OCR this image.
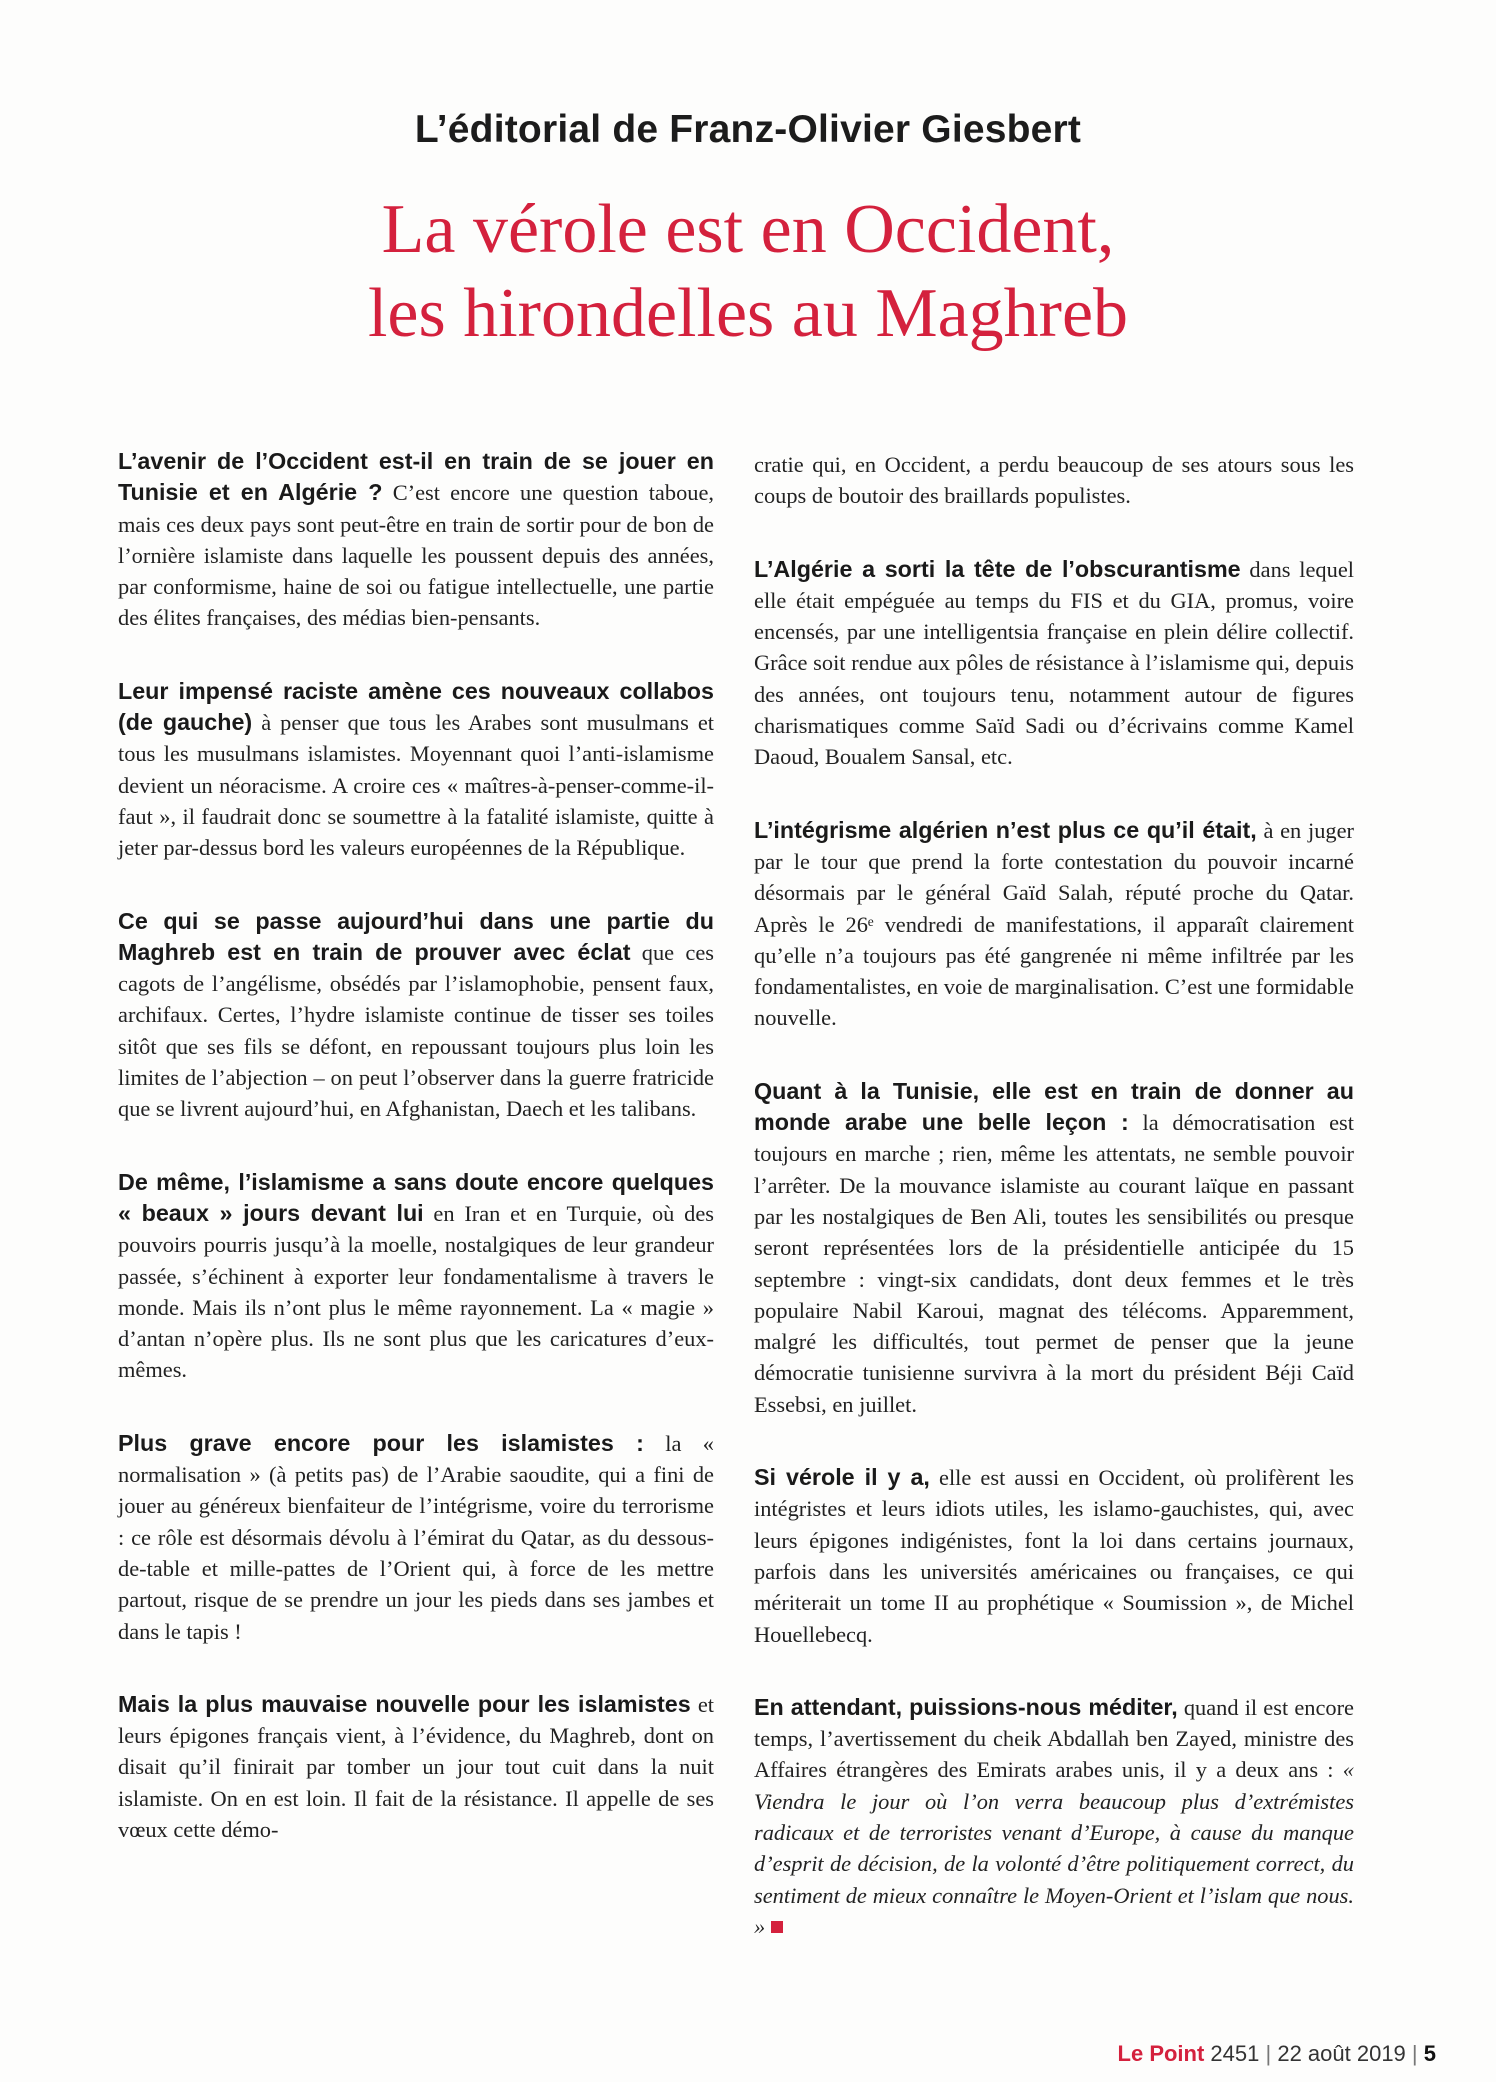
L’éditorial de Franz-Olivier Giesbert
La vérole est en Occident,
les hirondelles au Maghreb

L’avenir de l’Occident est-il en train de se jouer en Tunisie et en Algérie ? C’est encore une question taboue, mais ces deux pays sont peut-être en train de sortir pour de bon de l’ornière islamiste dans laquelle les poussent depuis des années, par conformisme, haine de soi ou fatigue intellectuelle, une partie des élites françaises, des médias bien-pensants.

Leur impensé raciste amène ces nouveaux collabos (de gauche) à penser que tous les Arabes sont musulmans et tous les musulmans islamistes. Moyennant quoi l’anti-islamisme devient un néoracisme. A croire ces « maîtres-à-penser-comme-il-faut », il faudrait donc se soumettre à la fatalité islamiste, quitte à jeter par-dessus bord les valeurs européennes de la République.

Ce qui se passe aujourd’hui dans une partie du Maghreb est en train de prouver avec éclat que ces cagots de l’angélisme, obsédés par l’islamophobie, pensent faux, archifaux. Certes, l’hydre islamiste continue de tisser ses toiles sitôt que ses fils se défont, en repoussant toujours plus loin les limites de l’abjection – on peut l’observer dans la guerre fratricide que se livrent aujourd’hui, en Afghanistan, Daech et les talibans.

De même, l’islamisme a sans doute encore quelques « beaux » jours devant lui en Iran et en Turquie, où des pouvoirs pourris jusqu’à la moelle, nostalgiques de leur grandeur passée, s’échinent à exporter leur fondamentalisme à travers le monde. Mais ils n’ont plus le même rayonnement. La « magie » d’antan n’opère plus. Ils ne sont plus que les caricatures d’eux-mêmes.

Plus grave encore pour les islamistes : la « normalisation » (à petits pas) de l’Arabie saoudite, qui a fini de jouer au généreux bienfaiteur de l’intégrisme, voire du terrorisme : ce rôle est désormais dévolu à l’émirat du Qatar, as du dessous-de-table et mille-pattes de l’Orient qui, à force de les mettre partout, risque de se prendre un jour les pieds dans ses jambes et dans le tapis !

Mais la plus mauvaise nouvelle pour les islamistes et leurs épigones français vient, à l’évidence, du Maghreb, dont on disait qu’il finirait par tomber un jour tout cuit dans la nuit islamiste. On en est loin. Il fait de la résistance. Il appelle de ses vœux cette démo-

cratie qui, en Occident, a perdu beaucoup de ses atours sous les coups de boutoir des braillards populistes.

L’Algérie a sorti la tête de l’obscurantisme dans lequel elle était empéguée au temps du FIS et du GIA, promus, voire encensés, par une intelligentsia française en plein délire collectif. Grâce soit rendue aux pôles de résistance à l’islamisme qui, depuis des années, ont toujours tenu, notamment autour de figures charismatiques comme Saïd Sadi ou d’écrivains comme Kamel Daoud, Boualem Sansal, etc.

L’intégrisme algérien n’est plus ce qu’il était, à en juger par le tour que prend la forte contestation du pouvoir incarné désormais par le général Gaïd Salah, réputé proche du Qatar. Après le 26ᵉ vendredi de manifestations, il apparaît clairement qu’elle n’a toujours pas été gangrenée ni même infiltrée par les fondamentalistes, en voie de marginalisation. C’est une formidable nouvelle.

Quant à la Tunisie, elle est en train de donner au monde arabe une belle leçon : la démocratisation est toujours en marche ; rien, même les attentats, ne semble pouvoir l’arrêter. De la mouvance islamiste au courant laïque en passant par les nostalgiques de Ben Ali, toutes les sensibilités ou presque seront représentées lors de la présidentielle anticipée du 15 septembre : vingt-six candidats, dont deux femmes et le très populaire Nabil Karoui, magnat des télécoms. Apparemment, malgré les difficultés, tout permet de penser que la jeune démocratie tunisienne survivra à la mort du président Béji Caïd Essebsi, en juillet.

Si vérole il y a, elle est aussi en Occident, où prolifèrent les intégristes et leurs idiots utiles, les islamo-gauchistes, qui, avec leurs épigones indigénistes, font la loi dans certains journaux, parfois dans les universités américaines ou françaises, ce qui mériterait un tome II au prophétique « Soumission », de Michel Houellebecq.

En attendant, puissions-nous méditer, quand il est encore temps, l’avertissement du cheik Abdallah ben Zayed, ministre des Affaires étrangères des Emirats arabes unis, il y a deux ans : « Viendra le jour où l’on verra beaucoup plus d’extrémistes radicaux et de terroristes venant d’Europe, à cause du manque d’esprit de décision, de la volonté d’être politiquement correct, du sentiment de mieux connaître le Moyen-Orient et l’islam que nous. »

Le Point 2451 | 22 août 2019 | 5
